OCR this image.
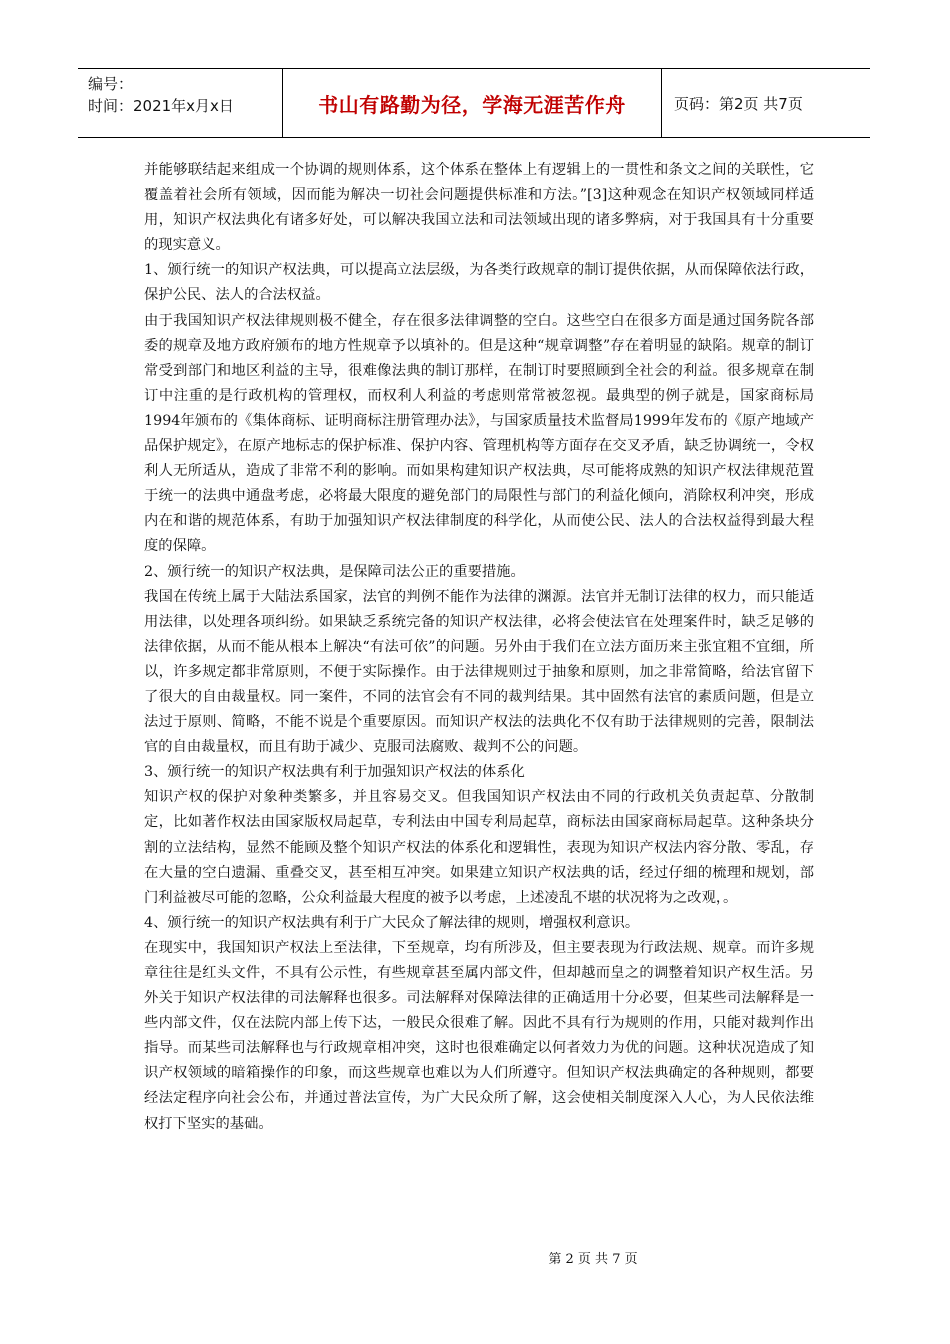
编号：
时间：2021年x月x日	书山有路勤为径，学海无涯苦作舟	页码：第2页 共7页

并能够联结起来组成一个协调的规则体系，这个体系在整体上有逻辑上的一贯性和条文之间的关联性，它覆盖着社会所有领域，因而能为解决一切社会问题提供标准和方法。”[3]这种观念在知识产权领域同样适用，知识产权法典化有诸多好处，可以解决我国立法和司法领域出现的诸多弊病，对于我国具有十分重要的现实意义。

1、颁行统一的知识产权法典，可以提高立法层级，为各类行政规章的制订提供依据，从而保障依法行政，保护公民、法人的合法权益。

由于我国知识产权法律规则极不健全，存在很多法律调整的空白。这些空白在很多方面是通过国务院各部委的规章及地方政府颁布的地方性规章予以填补的。但是这种“规章调整”存在着明显的缺陷。规章的制订常受到部门和地区利益的主导，很难像法典的制订那样，在制订时要照顾到全社会的利益。很多规章在制订中注重的是行政机构的管理权，而权利人利益的考虑则常常被忽视。最典型的例子就是，国家商标局1994年颁布的《集体商标、证明商标注册管理办法》，与国家质量技术监督局1999年发布的《原产地域产品保护规定》，在原产地标志的保护标准、保护内容、管理机构等方面存在交叉矛盾，缺乏协调统一，令权利人无所适从，造成了非常不利的影响。而如果构建知识产权法典，尽可能将成熟的知识产权法律规范置于统一的法典中通盘考虑，必将最大限度的避免部门的局限性与部门的利益化倾向，消除权利冲突，形成内在和谐的规范体系，有助于加强知识产权法律制度的科学化，从而使公民、法人的合法权益得到最大程度的保障。

2、颁行统一的知识产权法典，是保障司法公正的重要措施。

我国在传统上属于大陆法系国家，法官的判例不能作为法律的渊源。法官并无制订法律的权力，而只能适用法律，以处理各项纠纷。如果缺乏系统完备的知识产权法律，必将会使法官在处理案件时，缺乏足够的法律依据，从而不能从根本上解决“有法可依”的问题。另外由于我们在立法方面历来主张宜粗不宜细，所以，许多规定都非常原则，不便于实际操作。由于法律规则过于抽象和原则，加之非常简略，给法官留下了很大的自由裁量权。同一案件，不同的法官会有不同的裁判结果。其中固然有法官的素质问题，但是立法过于原则、简略，不能不说是个重要原因。而知识产权法的法典化不仅有助于法律规则的完善，限制法官的自由裁量权，而且有助于减少、克服司法腐败、裁判不公的问题。

3、颁行统一的知识产权法典有利于加强知识产权法的体系化

知识产权的保护对象种类繁多，并且容易交叉。但我国知识产权法由不同的行政机关负责起草、分散制定，比如著作权法由国家版权局起草，专利法由中国专利局起草，商标法由国家商标局起草。这种条块分割的立法结构，显然不能顾及整个知识产权法的体系化和逻辑性，表现为知识产权法内容分散、零乱，存在大量的空白遗漏、重叠交叉，甚至相互冲突。如果建立知识产权法典的话，经过仔细的梳理和规划，部门利益被尽可能的忽略，公众利益最大程度的被予以考虑，上述凌乱不堪的状况将为之改观，。

4、颁行统一的知识产权法典有利于广大民众了解法律的规则，增强权利意识。

在现实中，我国知识产权法上至法律，下至规章，均有所涉及，但主要表现为行政法规、规章。而许多规章往往是红头文件，不具有公示性，有些规章甚至属内部文件，但却越而皇之的调整着知识产权生活。另外关于知识产权法律的司法解释也很多。司法解释对保障法律的正确适用十分必要，但某些司法解释是一些内部文件，仅在法院内部上传下达，一般民众很难了解。因此不具有行为规则的作用，只能对裁判作出指导。而某些司法解释也与行政规章相冲突，这时也很难确定以何者效力为优的问题。这种状况造成了知识产权领域的暗箱操作的印象，而这些规章也难以为人们所遵守。但知识产权法典确定的各种规则，都要经法定程序向社会公布，并通过普法宣传，为广大民众所了解，这会使相关制度深入人心，为人民依法维权打下坚实的基础。

第 2 页 共 7 页
